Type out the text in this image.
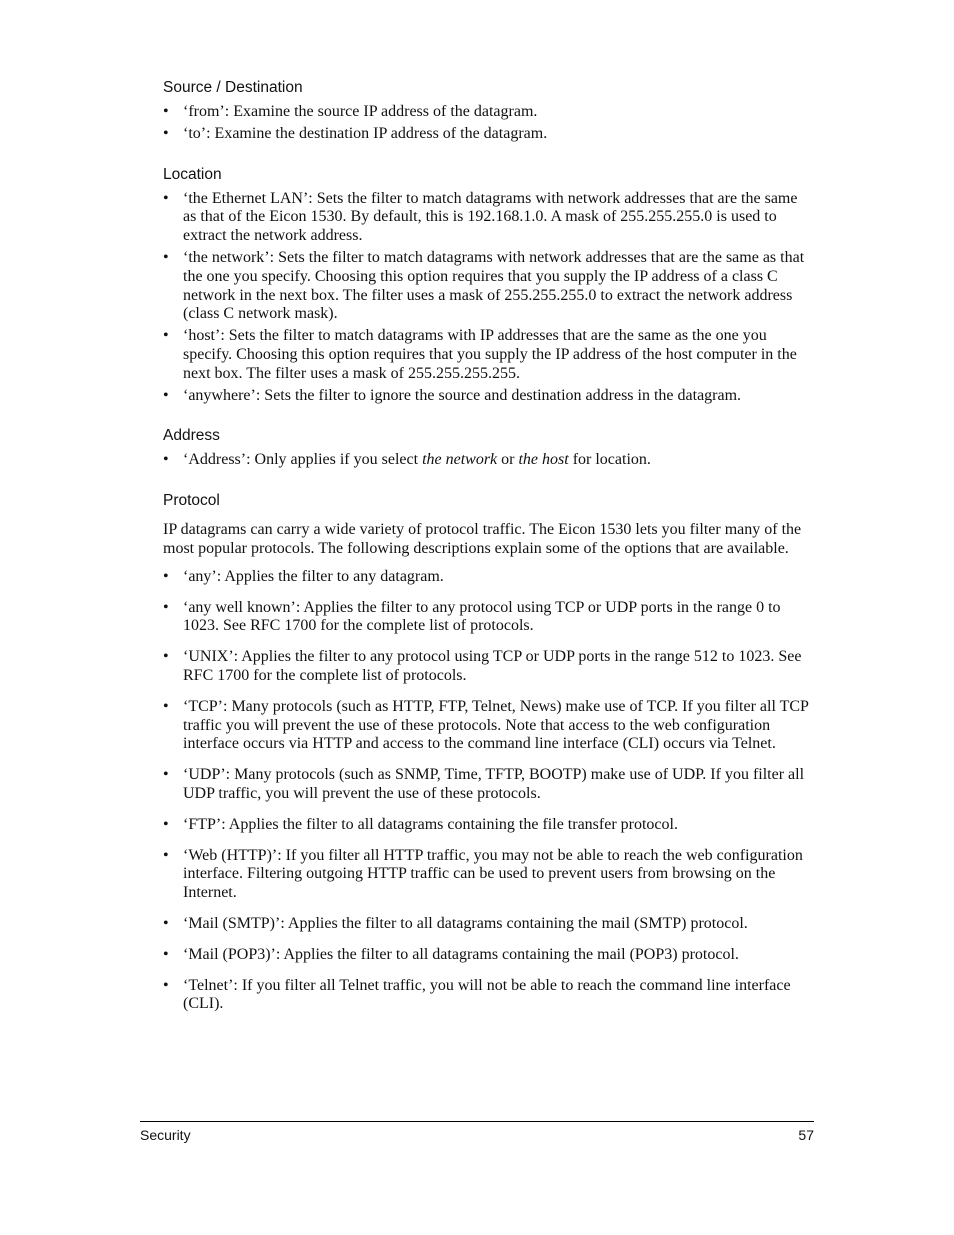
Source / Destination
• ‘from’: Examine the source IP address of the datagram.
• ‘to’: Examine the destination IP address of the datagram.
Location
• ‘the Ethernet LAN’: Sets the filter to match datagrams with network addresses that are the same as that of the Eicon 1530. By default, this is 192.168.1.0. A mask of 255.255.255.0 is used to extract the network address.
• ‘the network’: Sets the filter to match datagrams with network addresses that are the same as that the one you specify. Choosing this option requires that you supply the IP address of a class C network in the next box. The filter uses a mask of 255.255.255.0 to extract the network address (class C network mask).
• ‘host’: Sets the filter to match datagrams with IP addresses that are the same as the one you specify. Choosing this option requires that you supply the IP address of the host computer in the next box. The filter uses a mask of 255.255.255.255.
• ‘anywhere’: Sets the filter to ignore the source and destination address in the datagram.
Address
• ‘Address’: Only applies if you select the network or the host for location.
Protocol

IP datagrams can carry a wide variety of protocol traffic. The Eicon 1530 lets you filter many of the most popular protocols. The following descriptions explain some of the options that are available.

• ‘any’: Applies the filter to any datagram.
• ‘any well known’: Applies the filter to any protocol using TCP or UDP ports in the range 0 to 1023. See RFC 1700 for the complete list of protocols.
• ‘UNIX’: Applies the filter to any protocol using TCP or UDP ports in the range 512 to 1023. See RFC 1700 for the complete list of protocols.
• ‘TCP’: Many protocols (such as HTTP, FTP, Telnet, News) make use of TCP. If you filter all TCP traffic you will prevent the use of these protocols. Note that access to the web configuration interface occurs via HTTP and access to the command line interface (CLI) occurs via Telnet.
• ‘UDP’: Many protocols (such as SNMP, Time, TFTP, BOOTP) make use of UDP. If you filter all UDP traffic, you will prevent the use of these protocols.
• ‘FTP’: Applies the filter to all datagrams containing the file transfer protocol.
• ‘Web (HTTP)’: If you filter all HTTP traffic, you may not be able to reach the web configuration interface. Filtering outgoing HTTP traffic can be used to prevent users from browsing on the Internet.
• ‘Mail (SMTP)’: Applies the filter to all datagrams containing the mail (SMTP) protocol.
• ‘Mail (POP3)’: Applies the filter to all datagrams containing the mail (POP3) protocol.
• ‘Telnet’: If you filter all Telnet traffic, you will not be able to reach the command line interface (CLI).
Security	57
